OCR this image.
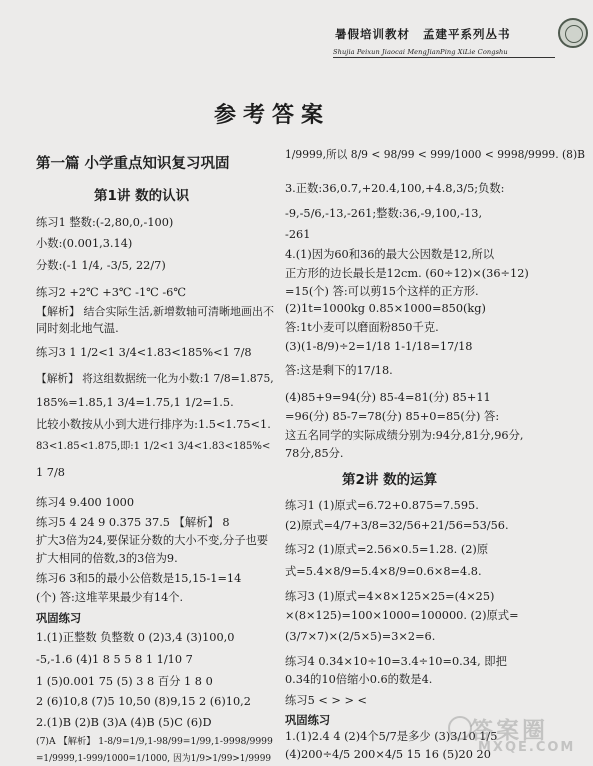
暑假培训教材 孟建平系列丛书
Shujia Peixun Jiaocai MengJianPing XiLie Congshu
参考答案
第一篇 小学重点知识复习巩固
第1讲 数的认识
练习1 整数:(-2,80,0,-100)
小数:(0.001,3.14)
分数:(-1 1/4, -3/5, 22/7)
练习2 +2℃ +3℃ -1℃ -6℃
【解析】 结合实际生活,新增数轴可清晰地画出不
同时刻北地气温.
练习3 1 1/2<1 3/4<1.83<185%<1 7/8
【解析】 将这组数据统一化为小数:1 7/8=1.875,
185%=1.85,1 3/4=1.75,1 1/2=1.5.
比较小数按从小到大进行排序为:1.5<1.75<1.
83<1.85<1.875,即:1 1/2<1 3/4<1.83<185%<
1 7/8
练习4 9.400 1000
练习5 4 24 9 0.375 37.5 【解析】 8
扩大3倍为24,要保证分数的大小不变,分子也要
扩大相同的倍数,3的3倍为9.
练习6 3和5的最小公倍数是15,15-1=14
(个) 答:这堆苹果最少有14个.
巩固练习
1.(1)正整数 负整数 0 (2)3,4 (3)100,0
-5,-1.6 (4)1 8 5 5 8 1 1/10 7
1 (5)0.001 75 (5) 3 8 百分 1 8 0
2 (6)10,8 (7)5 10,50 (8)9,15 2 (6)10,2
2.(1)B (2)B (3)A (4)B (5)C (6)D
(7)A 【解析】 1-8/9=1/9,1-98/99=1/99,1-9998/9999
=1/9999,1-999/1000=1/1000, 因为1/9>1/99>1/9999
1/9999,所以 8/9 < 98/99 < 999/1000 < 9998/9999. (8)B
3.正数:36,0.7,+20.4,100,+4.8,3/5;负数:
-9,-5/6,-13,-261;整数:36,-9,100,-13,
-261
4.(1)因为60和36的最大公因数是12,所以
正方形的边长最长是12cm. (60÷12)×(36÷12)
=15(个) 答:可以剪15个这样的正方形.
(2)1t=1000kg 0.85×1000=850(kg)
答:1t小麦可以磨面粉850千克.
(3)(1-8/9)÷2=1/18 1-1/18=17/18
答:这是剩下的17/18.
(4)85+9=94(分) 85-4=81(分) 85+11
=96(分) 85-7=78(分) 85+0=85(分) 答:
这五名同学的实际成绩分别为:94分,81分,96分,
78分,85分.
第2讲 数的运算
练习1 (1)原式=6.72+0.875=7.595.
(2)原式=4/7+3/8=32/56+21/56=53/56.
练习2 (1)原式=2.56×0.5=1.28. (2)原
式=5.4×8/9=5.4×8/9=0.6×8=4.8.
练习3 (1)原式=4×8×125×25=(4×25)
×(8×125)=100×1000=100000. (2)原式=
(3/7×7)×(2/5×5)=3×2=6.
练习4 0.34×10÷10=3.4÷10=0.34, 即把
0.34的10倍缩小0.6的数是4.
练习5 < > > <
巩固练习
1.(1)2.4 4 (2)4个5/7是多少 (3)3/10 1/5
(4)200÷4/5 200×4/5 15 16 (5)20 20
答案圈
MXQE.COM
